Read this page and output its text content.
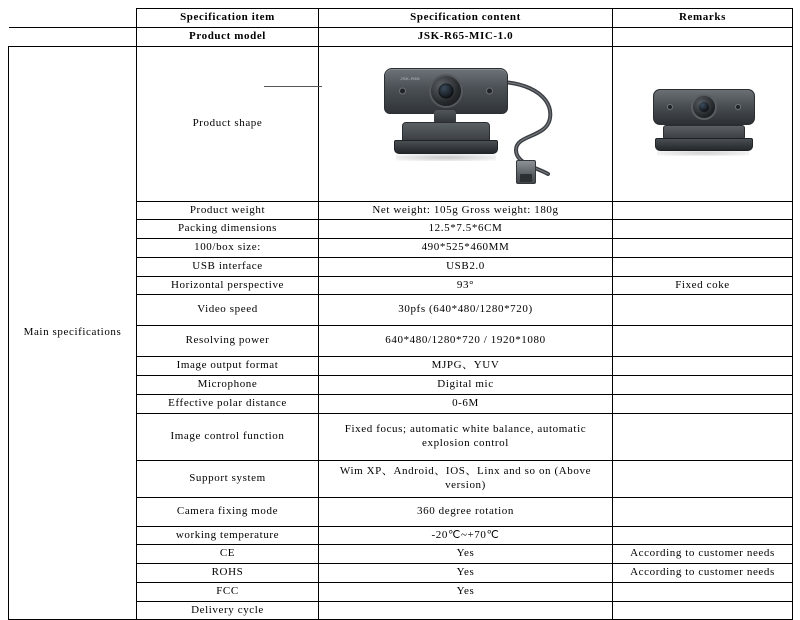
	Specification item	Specification content	Remarks
	Product model	JSK-R65-MIC-1.0	
Main specifications	Product shape	JSK-R65	

	Product weight	Net weight: 105g Gross weight: 180g	
	Packing dimensions	12.5*7.5*6CM	
	100/box size:	490*525*460MM	
	USB interface	USB2.0	
	Horizontal perspective	93°	Fixed coke
	Video speed	30pfs (640*480/1280*720)	
	Resolving power	640*480/1280*720 / 1920*1080	
	Image output format	MJPG、YUV	
	Microphone	Digital mic	
	Effective polar distance	0-6M	
	Image control function	Fixed focus; automatic white balance, automatic explosion control	
	Support system	Wim XP、Android、IOS、Linx and so on (Above version)	
	Camera fixing mode	360 degree rotation	
	working temperature	-20℃~+70℃	
	CE	Yes	According to customer needs
	ROHS	Yes	According to customer needs
	FCC	Yes	
	Delivery cycle		
